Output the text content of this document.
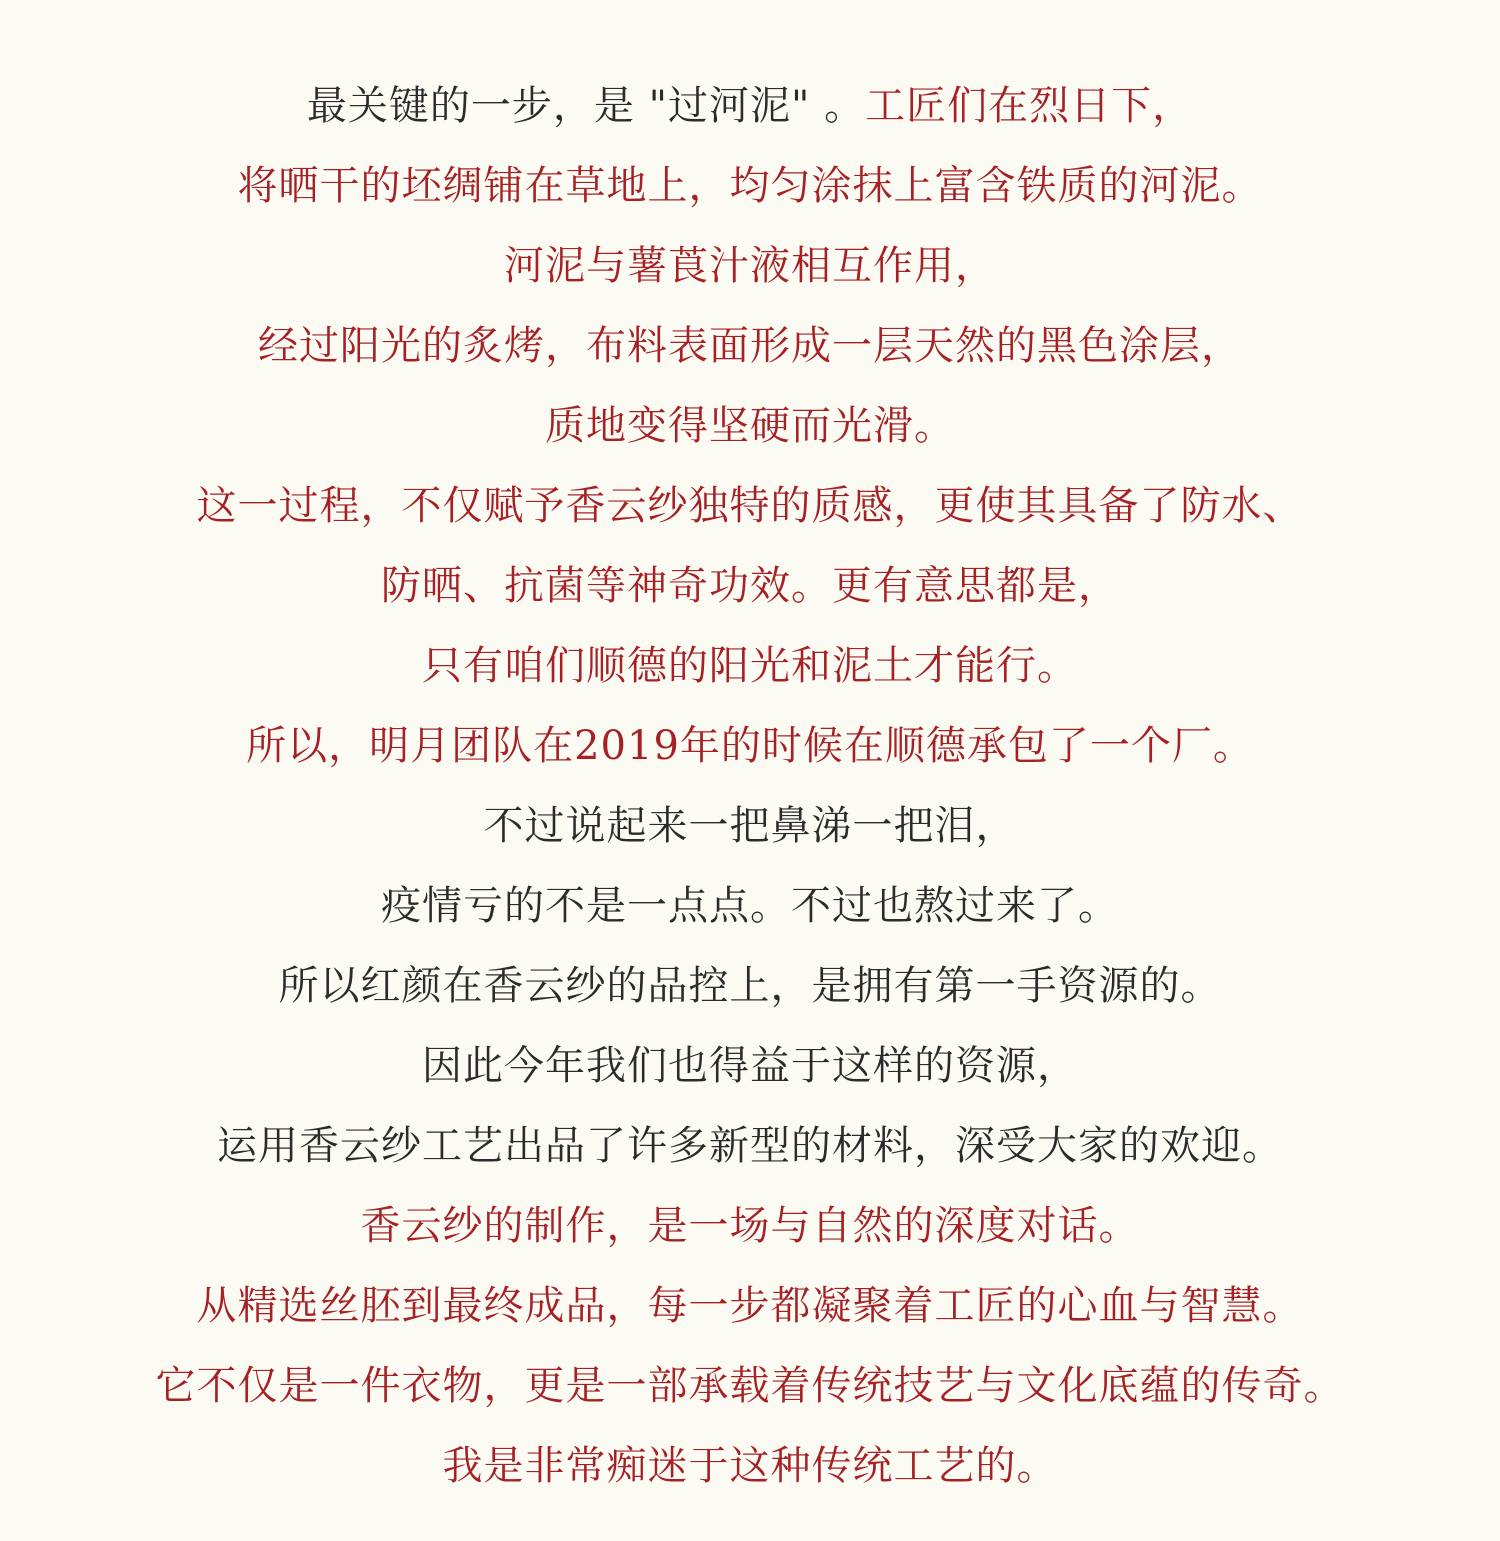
最关键的一步，是 "过河泥" 。工匠们在烈日下，
将晒干的坯绸铺在草地上，均匀涂抹上富含铁质的河泥。
河泥与薯莨汁液相互作用，
经过阳光的炙烤，布料表面形成一层天然的黑色涂层，
质地变得坚硬而光滑。
这一过程，不仅赋予香云纱独特的质感，更使其具备了防水、
防晒、抗菌等神奇功效。更有意思都是，
只有咱们顺德的阳光和泥土才能行。
所以，明月团队在2019年的时候在顺德承包了一个厂。
不过说起来一把鼻涕一把泪，
疫情亏的不是一点点。不过也熬过来了。
所以红颜在香云纱的品控上，是拥有第一手资源的。
因此今年我们也得益于这样的资源，
运用香云纱工艺出品了许多新型的材料，深受大家的欢迎。
香云纱的制作，是一场与自然的深度对话。
从精选丝胚到最终成品，每一步都凝聚着工匠的心血与智慧。
它不仅是一件衣物，更是一部承载着传统技艺与文化底蕴的传奇。
我是非常痴迷于这种传统工艺的。
